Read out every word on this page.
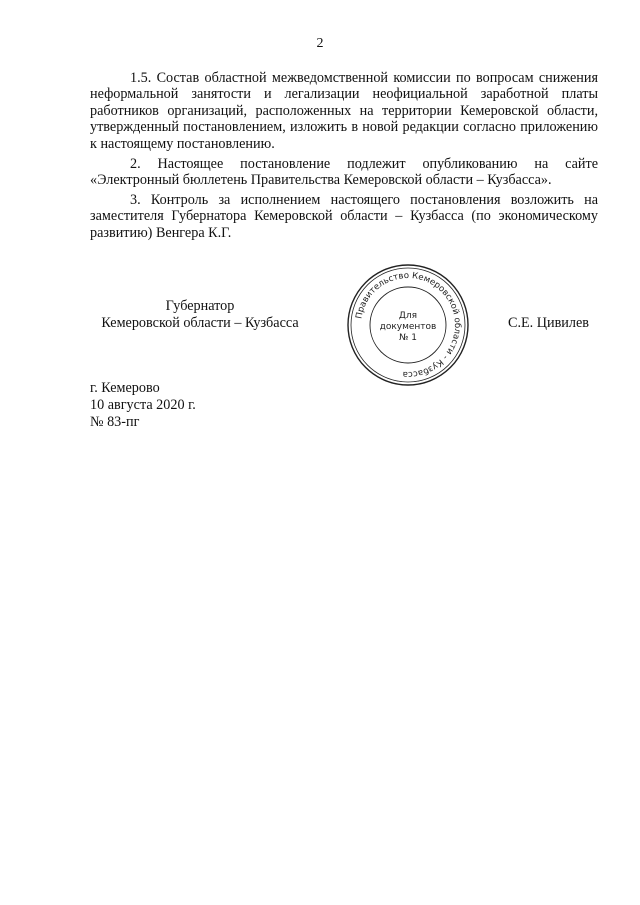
2

1.5. Состав областной межведомственной комиссии по вопросам снижения неформальной занятости и легализации неофициальной заработной платы работников организаций, расположенных на территории Кемеровской области, утвержденный постановлением, изложить в новой редакции согласно приложению к настоящему постановлению.

2. Настоящее постановление подлежит опубликованию на сайте «Электронный бюллетень Правительства Кемеровской области – Кузбасса».

3. Контроль за исполнением настоящего постановления возложить на заместителя Губернатора Кемеровской области – Кузбасса (по экономическому развитию) Венгера К.Г.

Губернатор
Кемеровской области – Кузбасса	Правительство Кемеровской области - Кузбасса
Для
документов
№ 1
С.Е. Цивилев
г. Кемерово
10 августа 2020 г.
№ 83-пг
